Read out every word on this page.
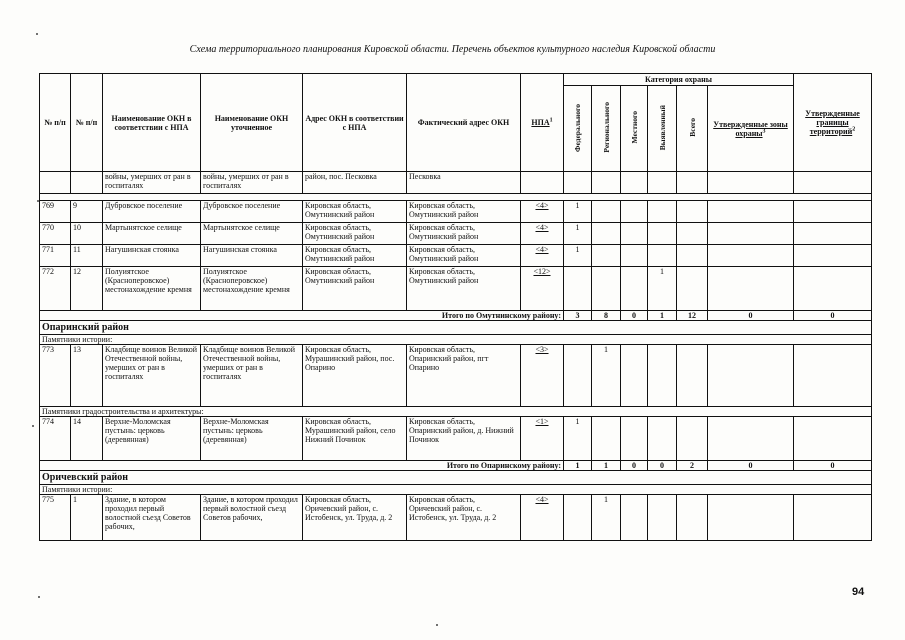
Схема территориального планирования Кировской области. Перечень объектов культурного наследия Кировской области
№ п/п	№ п/п	Наименование ОКН в соответствии с НПА	Наименование ОКН уточненное	Адрес ОКН в соответствии с НПА	Фактический адрес ОКН	НПА$^1$	Категория охраны						Утвержденные границы территорий$^2$
							Федерального	Регионального	Местного	Выявленный	Всего	Утвержденные зоны охраны$^3$
		войны, умерших от ран в госпиталях	войны, умерших от ран в госпиталях	район, пос. Песковка	Песковка								

769	9	Дубровское поселение	Дубровское поселение	Кировская область, Омутнинский район	Кировская область, Омутнинский район	<4>	1						
770	10	Мартынятское селище	Мартынятское селище	Кировская область, Омутнинский район	Кировская область, Омутнинский район	<4>	1						
771	11	Нагушинская стоянка	Нагушинская стоянка	Кировская область, Омутнинский район	Кировская область, Омутнинский район	<4>	1						
772	12	Полуиятское (Красноперовское) местонахождение кремня	Полуиятское (Красноперовское) местонахождение кремня	Кировская область, Омутнинский район	Кировская область, Омутнинский район	<12>				1			
Итого по Омутнинскому району:							3	8	0	1	12	0	0
Опаринский район													
Памятники истории:													
773	13	Кладбище воинов Великой Отечественной войны, умерших от ран в госпиталях	Кладбище воинов Великой Отечественной войны, умерших от ран в госпиталях	Кировская область, Мурашинский район, пос. Опарино	Кировская область, Опаринский район, пгт Опарино	<3>		1					
Памятники градостроительства и архитектуры:													
774	14	Верхне-Моломская пустынь: церковь (деревянная)	Верхне-Моломская пустынь: церковь (деревянная)	Кировская область, Мурашинский район, село Нижний Починок	Кировская область, Опаринский район, д. Нижний Починок	<1>	1						
Итого по Опаринскому району:							1	1	0	0	2	0	0
Оричевский район													
Памятники истории:													
775	1	Здание, в котором проходил первый волостной съезд Советов рабочих,	Здание, в котором проходил первый волостной съезд Советов рабочих,	Кировская область, Оричевский район, с. Истобенск, ул. Труда, д. 2	Кировская область, Оричевский район, с. Истобенск, ул. Труда, д. 2	<4>		1					
94
